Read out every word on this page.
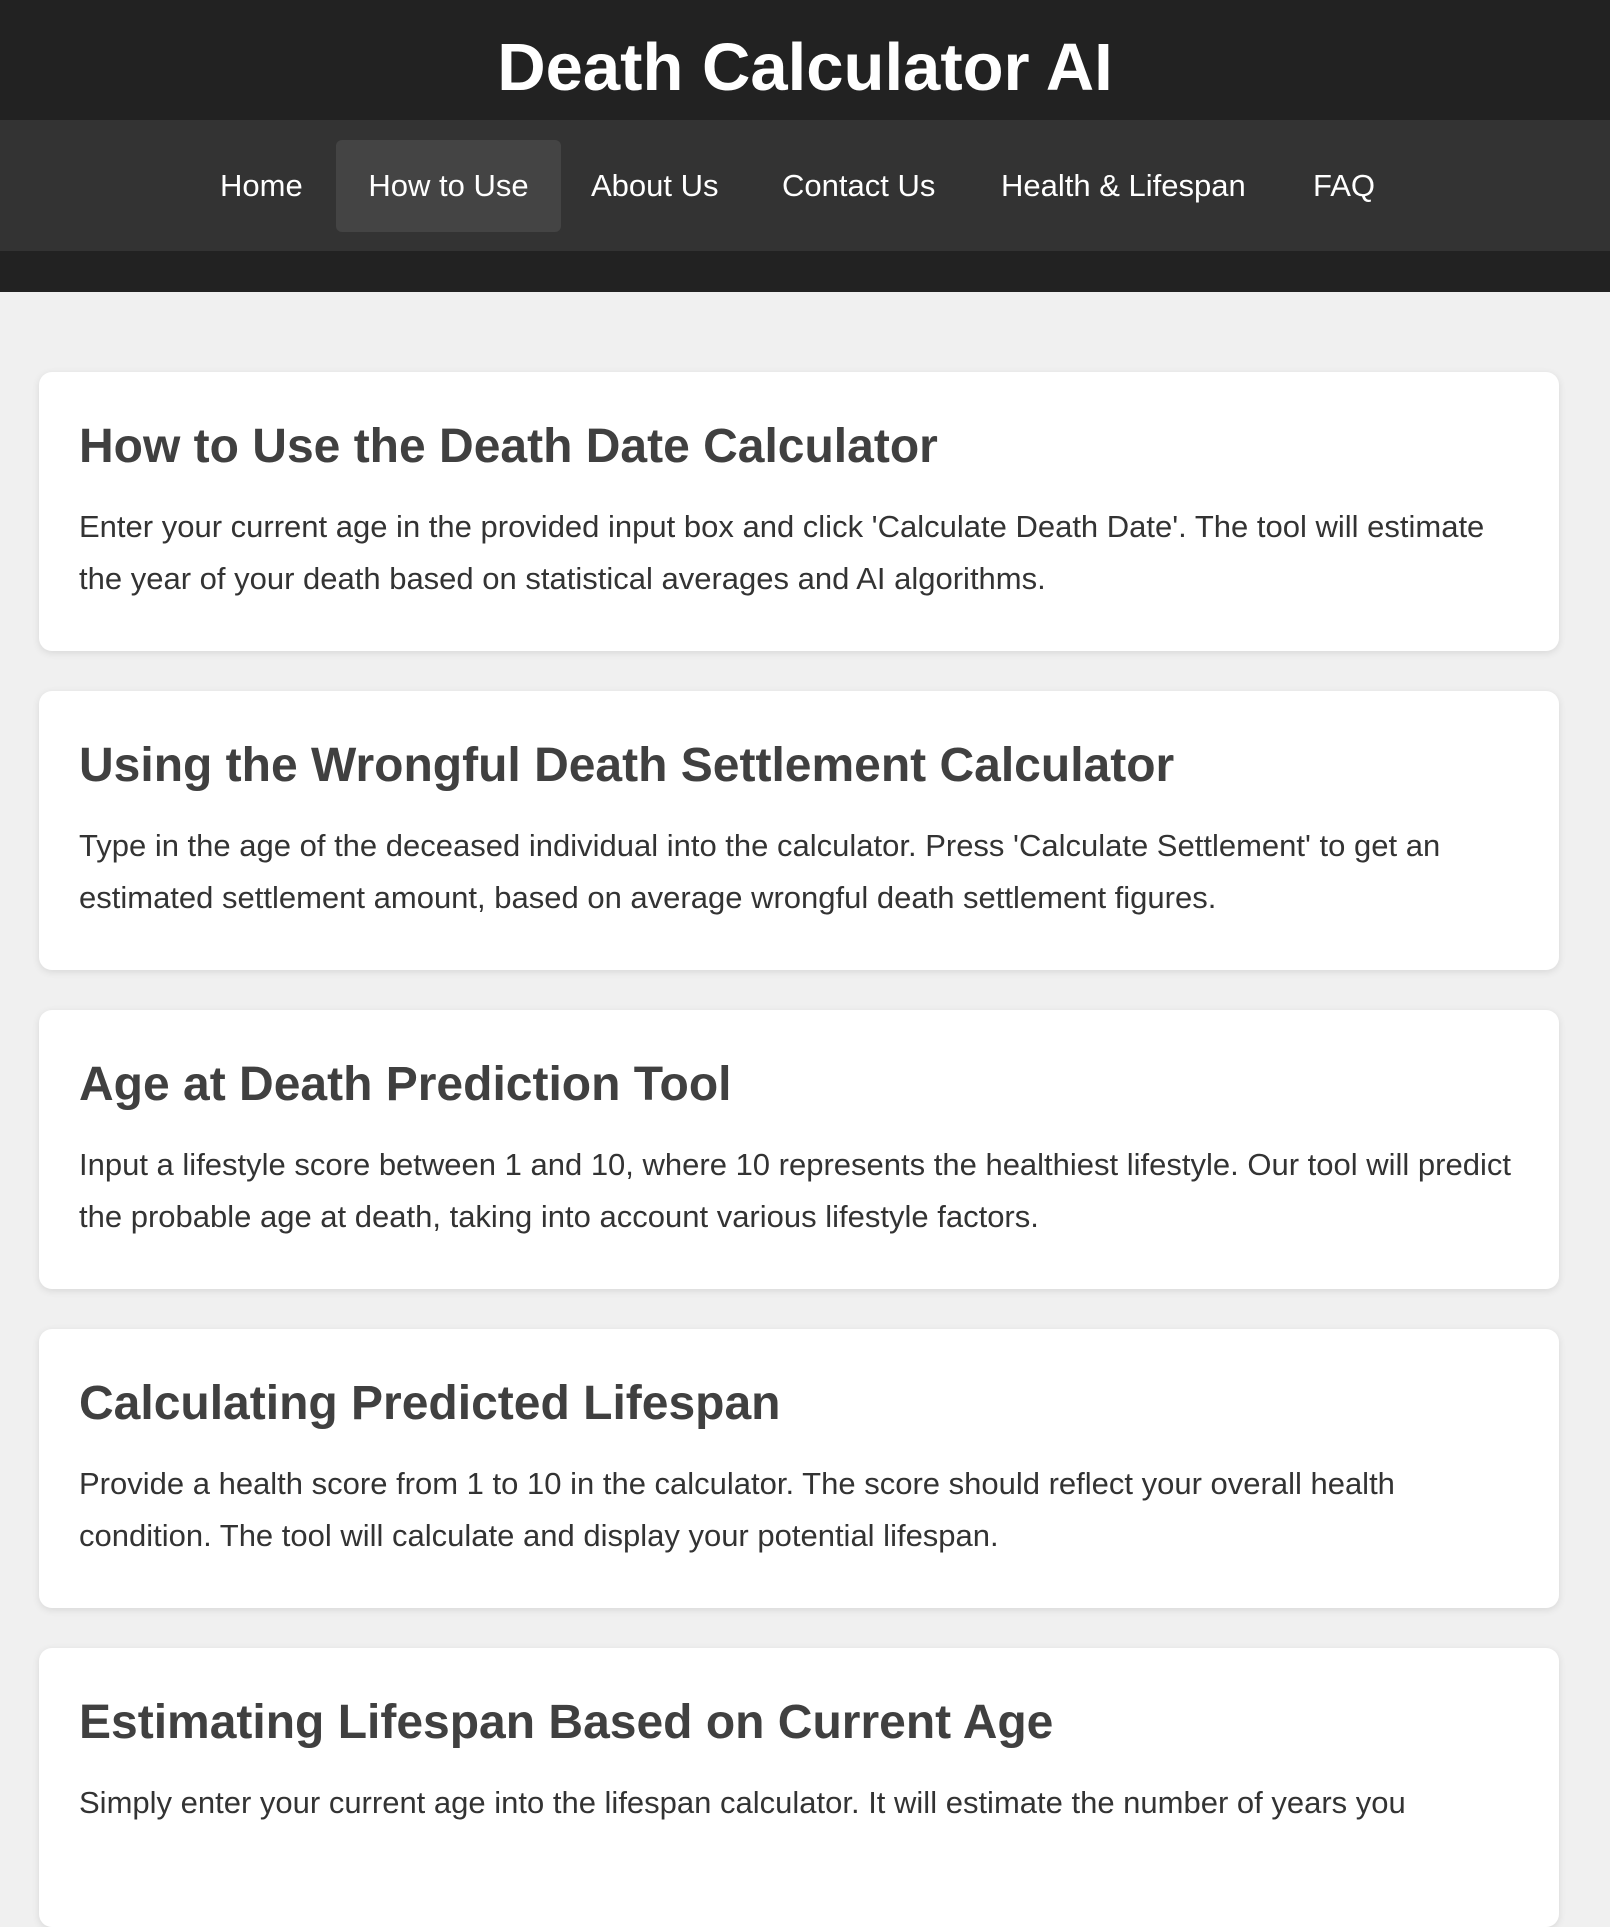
Death Calculator AI
Home	How to Use	About Us Contact Us Health & Lifespan FAQ
How to Use the Death Date Calculator

Enter your current age in the provided input box and click 'Calculate Death Date'. The tool will estimate the year of your death based on statistical averages and AI algorithms.

Using the Wrongful Death Settlement Calculator

Type in the age of the deceased individual into the calculator. Press 'Calculate Settlement' to get an estimated settlement amount, based on average wrongful death settlement figures.

Age at Death Prediction Tool

Input a lifestyle score between 1 and 10, where 10 represents the healthiest lifestyle. Our tool will predict the probable age at death, taking into account various lifestyle factors.

Calculating Predicted Lifespan

Provide a health score from 1 to 10 in the calculator. The score should reflect your overall health condition. The tool will calculate and display your potential lifespan.

Estimating Lifespan Based on Current Age

Simply enter your current age into the lifespan calculator. It will estimate the number of years you
